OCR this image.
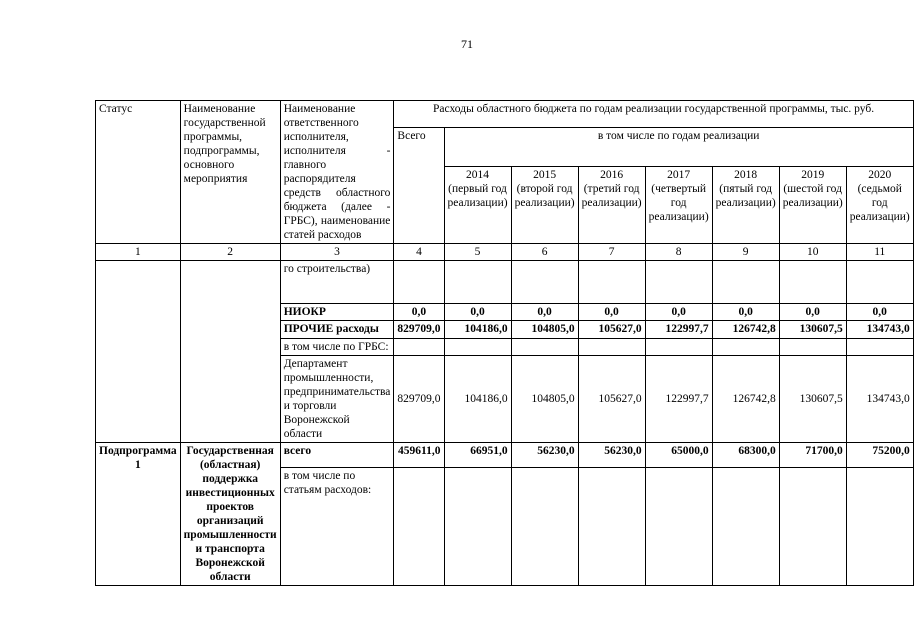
71
Статус	Наименование государственной программы, подпрограммы, основного мероприятия	Наименование ответственного исполнителя, исполнителя - главного распорядителя средств областного бюджета (далее - ГРБС), наименование статей расходов	Расходы областного бюджета по годам реализации государственной программы, тыс. руб.							
			Всего	в том числе по годам реализации						
				2014 (первый год реализации)	2015 (второй год реализации)	2016 (третий год реализации)	2017 (четвертый год реализации)	2018 (пятый год реализации)	2019 (шестой год реализации)	2020 (седьмой год реализации)
1	2	3	4	5	6	7	8	9	10	11
		го строительства)								
		НИОКР	0,0	0,0	0,0	0,0	0,0	0,0	0,0	0,0
		ПРОЧИЕ расходы	829709,0	104186,0	104805,0	105627,0	122997,7	126742,8	130607,5	134743,0
		в том числе по ГРБС:								
		Департамент промышленности, предпринимательства и торговли Воронежской области	829709,0	104186,0	104805,0	105627,0	122997,7	126742,8	130607,5	134743,0
Подпрограмма 1	Государственная (областная) поддержка инвестиционных проектов организаций промышленности и транспорта Воронежской области	всего	459611,0	66951,0	56230,0	56230,0	65000,0	68300,0	71700,0	75200,0
		в том числе по статьям расходов:								
